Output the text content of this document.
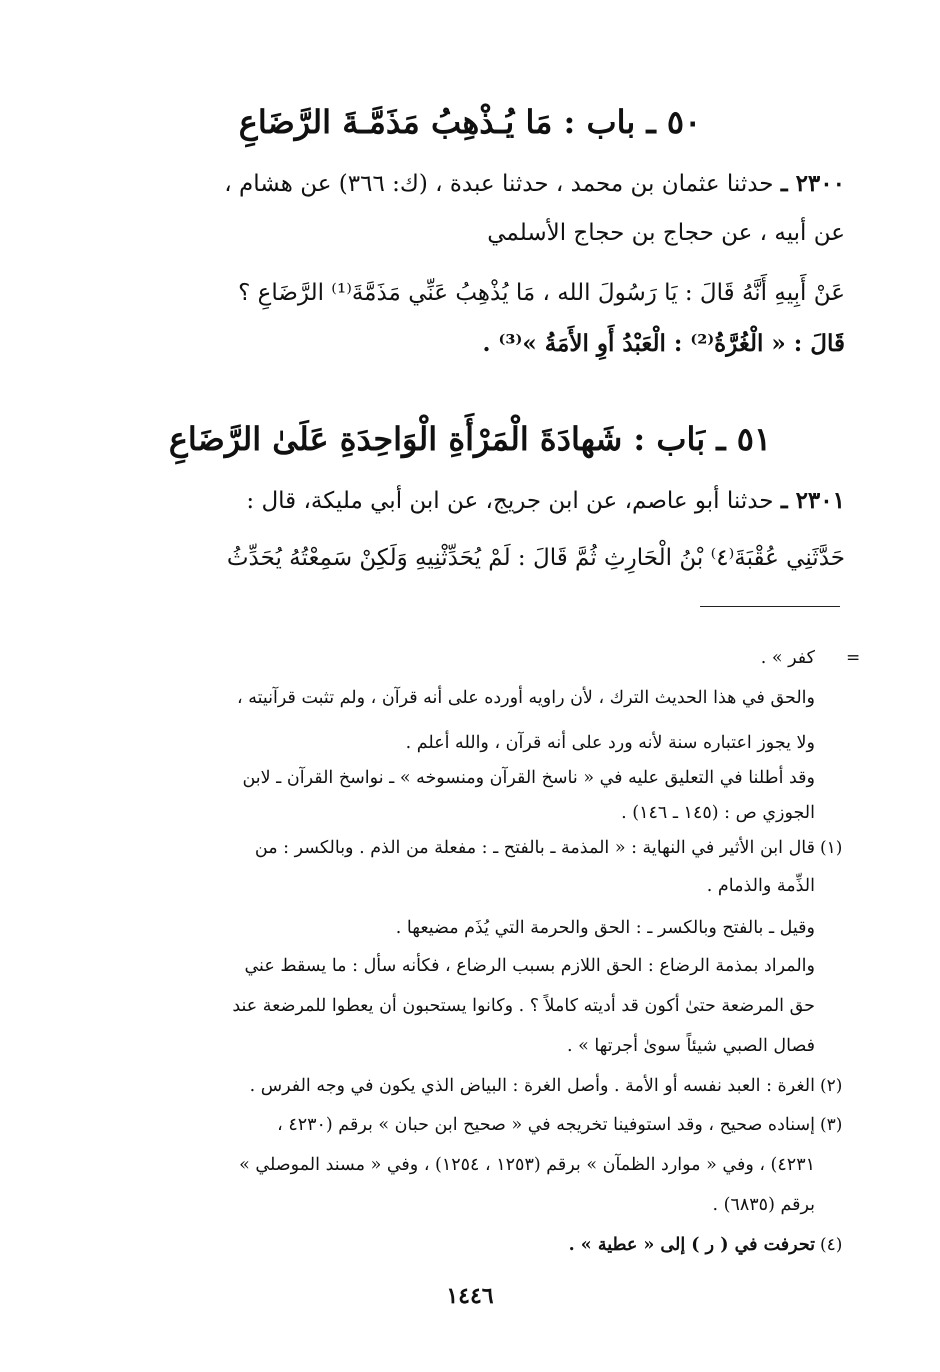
٥٠ ـ باب : مَا يُـذْهِبُ مَذَمَّـةَ الرَّضَاعِ
٢٣٠٠ ـ حدثنا عثمان بن محمد ، حدثنا عبدة ، (ك: ٣٦٦) عن هشام ،
عن أبيه ، عن حجاج بن حجاج الأسلمي
عَنْ أَبِيهِ أَنَّهُ قَالَ : يَا رَسُولَ الله ، مَا يُذْهِبُ عَنِّي مَذَمَّةَ⁽¹⁾ الرَّضَاعِ ؟
قَالَ : « الْغُرَّةُ⁽²⁾ : الْعَبْدُ أَوِ الأَمَةُ »⁽³⁾ .
٥١ ـ بَاب : شَهادَةَ الْمَرْأَةِ الْوَاحِدَةِ عَلَىٰ الرَّضَاعِ
٢٣٠١ ـ حدثنا أبو عاصم، عن ابن جريج، عن ابن أبي مليكة، قال :
حَدَّثَنِي عُقْبَةَ⁽٤⁾ بْنُ الْحَارِثِ ثُمَّ قَالَ : لَمْ يُحَدِّثْنِيهِ وَلَكِنْ سَمِعْتُهُ يُحَدِّثُ
=
كفر » .
والحق في هذا الحديث الترك ، لأن راويه أورده على أنه قرآن ، ولم تثبت قرآنيته ،
ولا يجوز اعتباره سنة لأنه ورد على أنه قرآن ، والله أعلم .
وقد أطلنا في التعليق عليه في « ناسخ القرآن ومنسوخه » ـ نواسخ القرآن ـ لابن
الجوزي ص : (١٤٥ ـ ١٤٦) .
(١)
قال ابن الأثير في النهاية : « المذمة ـ بالفتح ـ : مفعلة من الذم . وبالكسر : من
الذِّمة والذمام .
وقيل ـ بالفتح وبالكسر ـ : الحق والحرمة التي يُذَم مضيعها .
والمراد بمذمة الرضاع : الحق اللازم بسبب الرضاع ، فكأنه سأل : ما يسقط عني
حق المرضعة حتىٰ أكون قد أديته كاملاً ؟ . وكانوا يستحبون أن يعطوا للمرضعة عند
فصال الصبي شيئاً سوىٰ أجرتها » .
(٢)
الغرة : العبد نفسه أو الأمة . وأصل الغرة : البياض الذي يكون في وجه الفرس .
(٣)
إسناده صحيح ، وقد استوفينا تخريجه في « صحيح ابن حبان » برقم (٤٢٣٠ ،
٤٢٣١) ، وفي « موارد الظمآن » برقم (١٢٥٣ ، ١٢٥٤) ، وفي « مسند الموصلي »
برقم (٦٨٣٥) .
(٤)
تحرفت في ( ر ) إلى « عطية » .
١٤٤٦
